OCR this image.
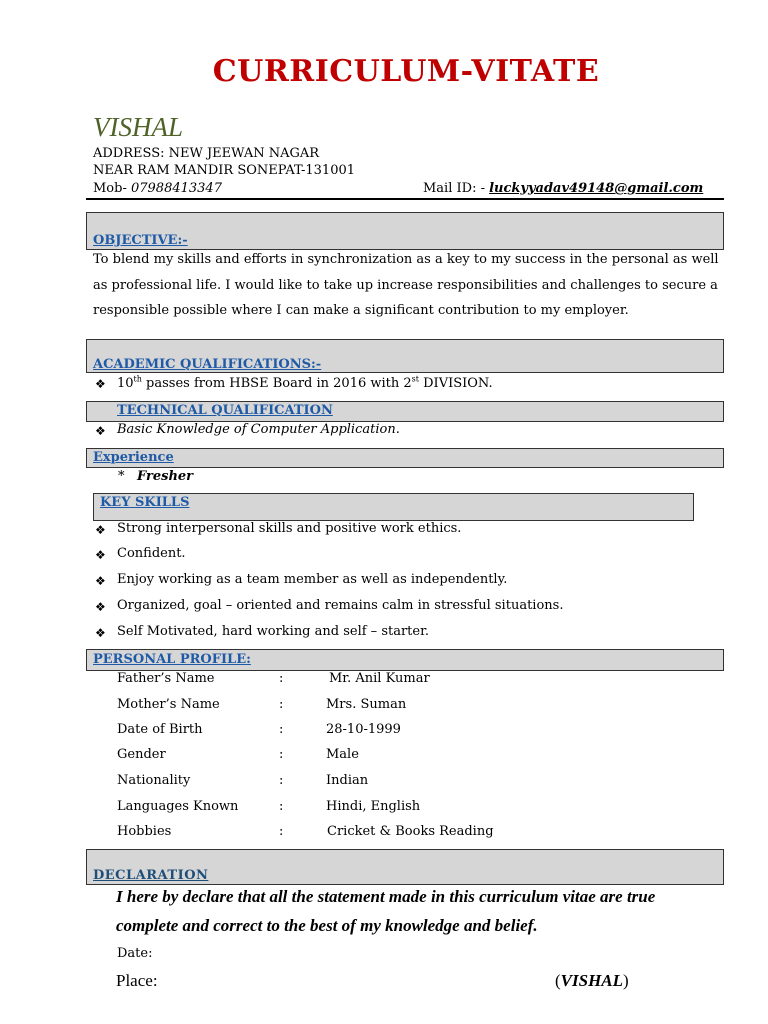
CURRICULUM-VITATE
VISHAL
ADDRESS: NEW JEEWAN NAGAR
NEAR RAM MANDIR SONEPAT-131001
Mob- 07988413347	Mail ID: - luckyyadav49148@gmail.com
OBJECTIVE:-
To blend my skills and efforts in synchronization as a key to my success in the personal as well
as professional life. I would like to take up increase responsibilities and challenges to secure a
responsible possible where I can make a significant contribution to my employer.
ACADEMIC QUALIFICATIONS:-
❖ 10th passes from HBSE Board in 2016 with 2st DIVISION.
TECHNICAL QUALIFICATION
❖ Basic Knowledge of Computer Application.
Experience
* Fresher
KEY SKILLS
❖ Strong interpersonal skills and positive work ethics.
❖ Confident.
❖ Enjoy working as a team member as well as independently.
❖ Organized, goal – oriented and remains calm in stressful situations.
❖ Self Motivated, hard working and self – starter.
PERSONAL PROFILE:
Father’s Name	:	Mr. Anil Kumar
Mother’s Name	:	Mrs. Suman
Date of Birth	:	28-10-1999
Gender	:	Male
Nationality	:	Indian
Languages Known	:	Hindi, English
Hobbies	:	Cricket & Books Reading
DECLARATION
I here by declare that all the statement made in this curriculum vitae are true
complete and correct to the best of my knowledge and belief.
Date:
Place:	(VISHAL)
